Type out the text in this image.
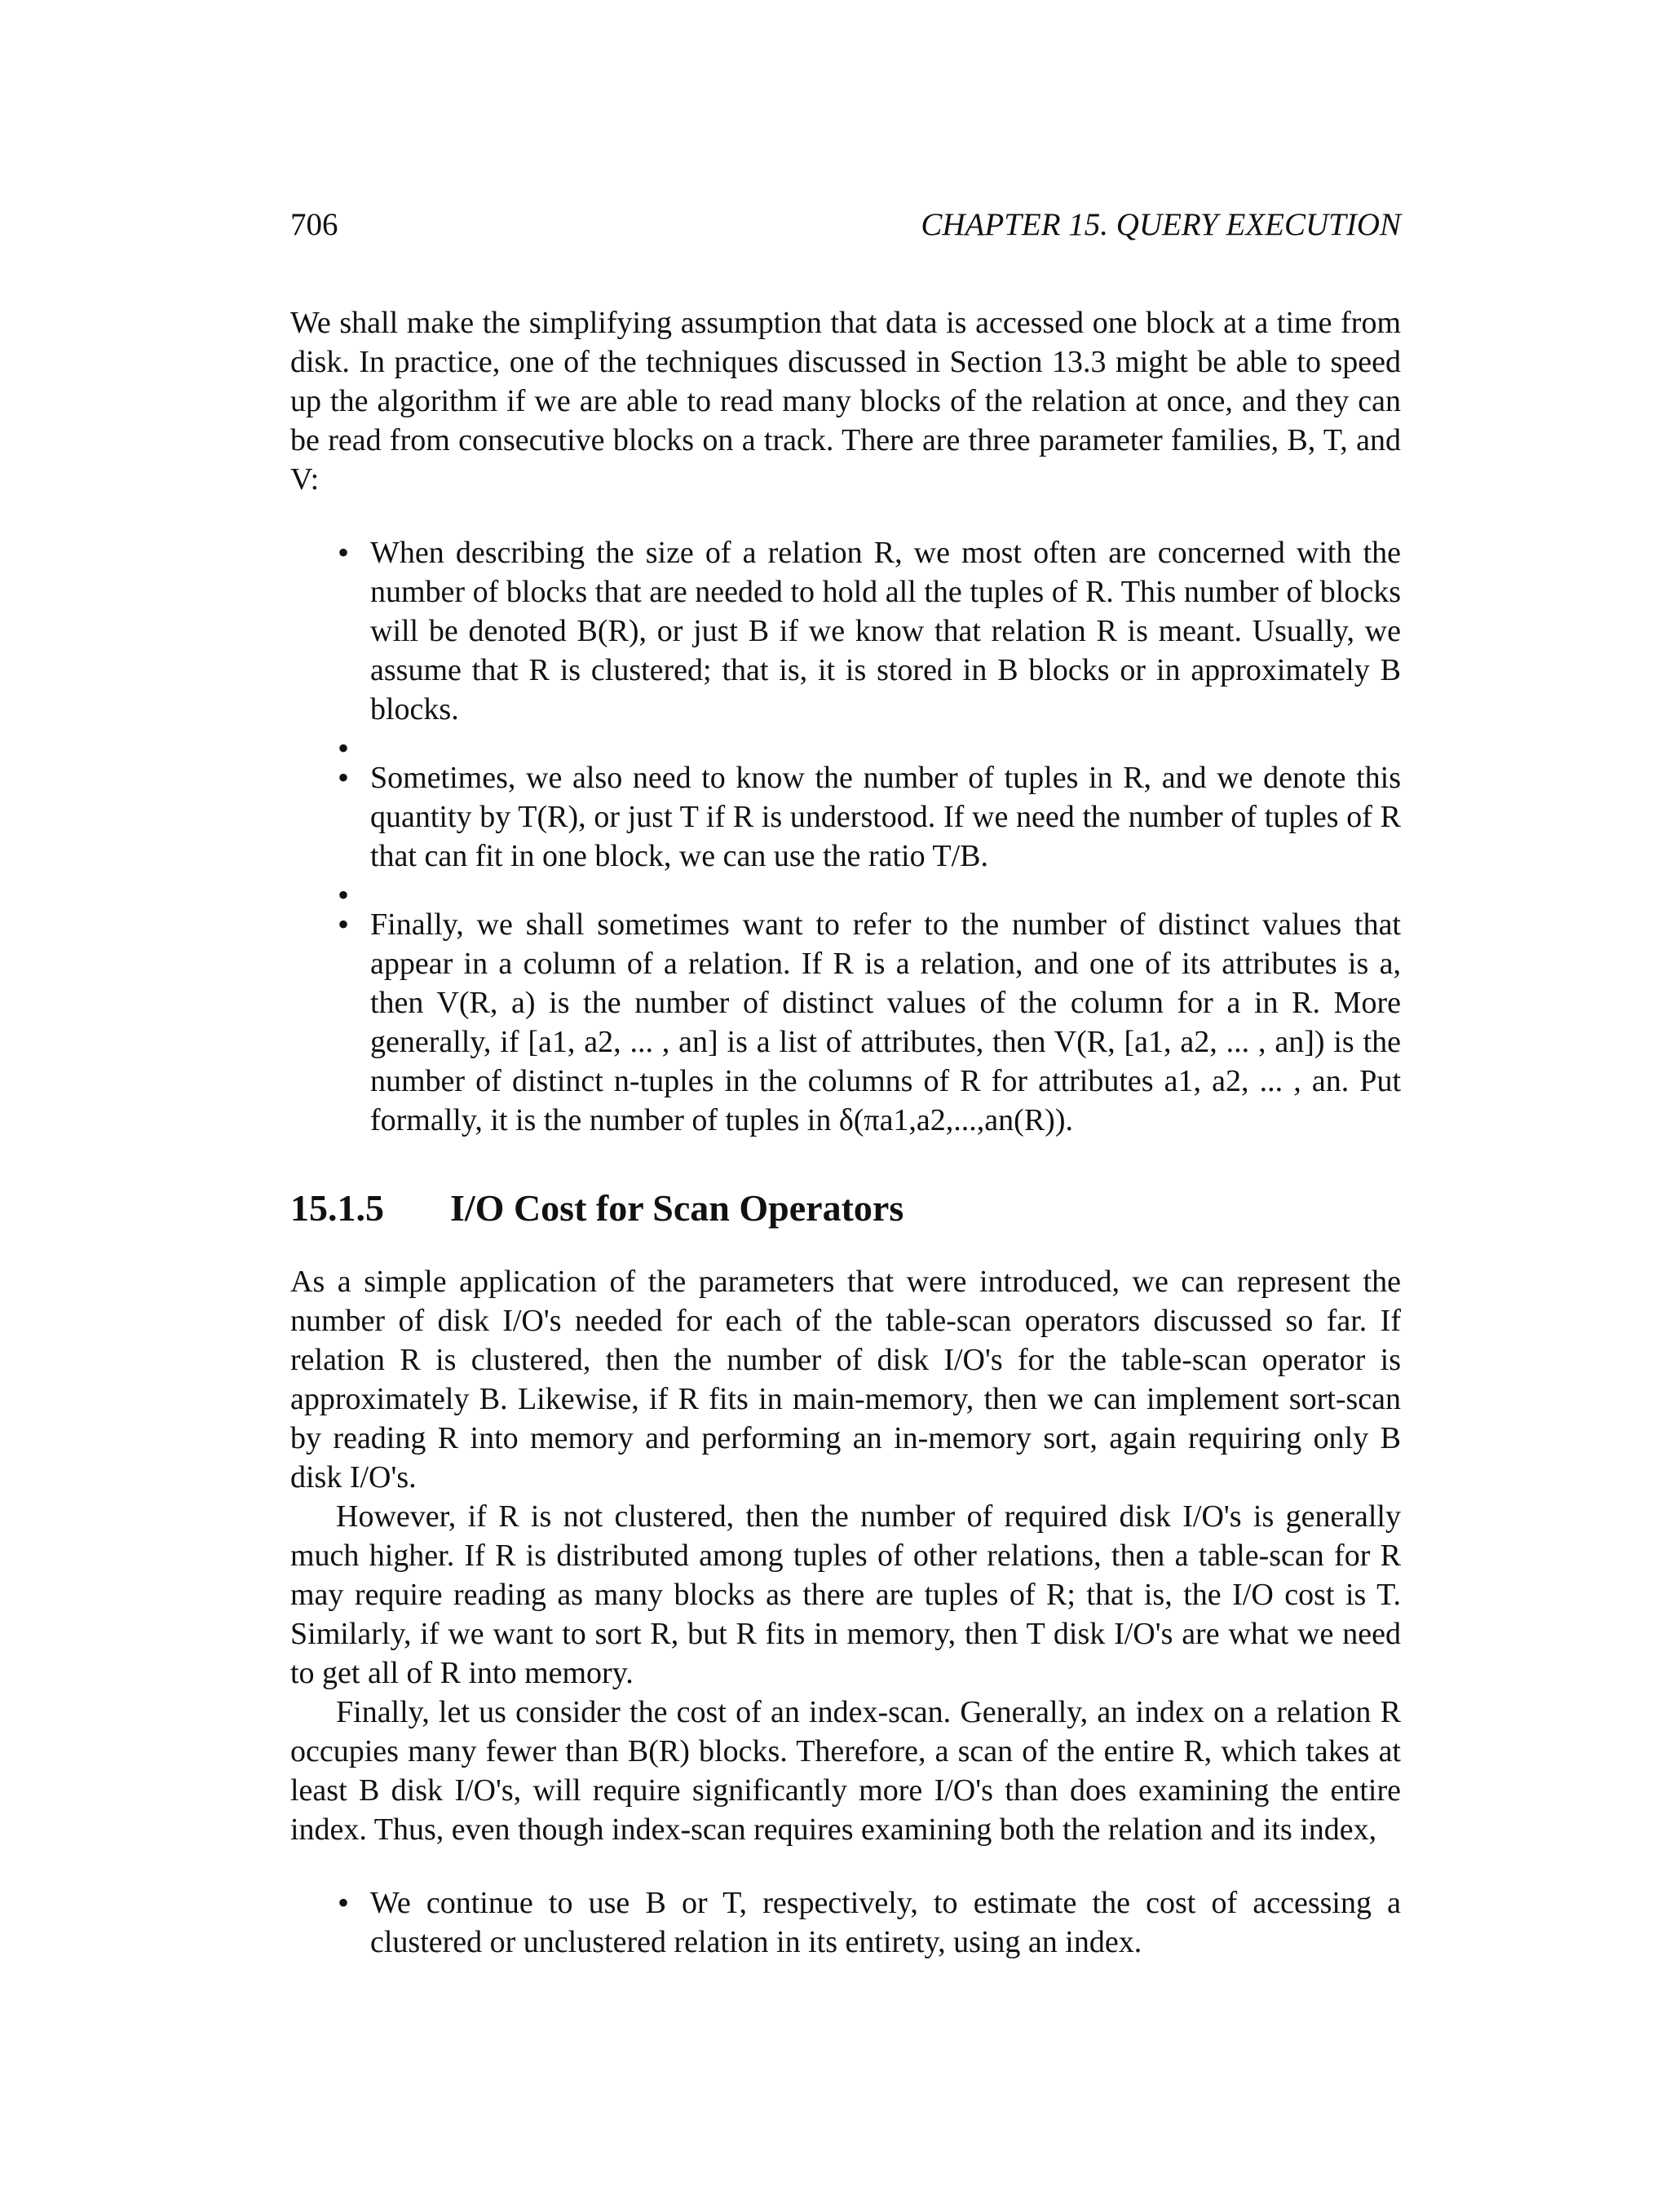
706	CHAPTER 15. QUERY EXECUTION

We shall make the simplifying assumption that data is accessed one block at a time from disk. In practice, one of the techniques discussed in Section 13.3 might be able to speed up the algorithm if we are able to read many blocks of the relation at once, and they can be read from consecutive blocks on a track. There are three parameter families, B, T, and V:

• When describing the size of a relation R, we most often are concerned with the number of blocks that are needed to hold all the tuples of R. This number of blocks will be denoted B(R), or just B if we know that relation R is meant. Usually, we assume that R is clustered; that is, it is stored in B blocks or in approximately B blocks.
•
• Sometimes, we also need to know the number of tuples in R, and we denote this quantity by T(R), or just T if R is understood. If we need the number of tuples of R that can fit in one block, we can use the ratio T/B.
•
• Finally, we shall sometimes want to refer to the number of distinct values that appear in a column of a relation. If R is a relation, and one of its attributes is a, then V(R, a) is the number of distinct values of the column for a in R. More generally, if [a1, a2, ... , an] is a list of attributes, then V(R, [a1, a2, ... , an]) is the number of distinct n-tuples in the columns of R for attributes a1, a2, ... , an. Put formally, it is the number of tuples in δ(πa1,a2,...,an(R)).
15.1.5 I/O Cost for Scan Operators

As a simple application of the parameters that were introduced, we can represent the number of disk I/O's needed for each of the table-scan operators discussed so far. If relation R is clustered, then the number of disk I/O's for the table-scan operator is approximately B. Likewise, if R fits in main-memory, then we can implement sort-scan by reading R into memory and performing an in-memory sort, again requiring only B disk I/O's.

However, if R is not clustered, then the number of required disk I/O's is generally much higher. If R is distributed among tuples of other relations, then a table-scan for R may require reading as many blocks as there are tuples of R; that is, the I/O cost is T. Similarly, if we want to sort R, but R fits in memory, then T disk I/O's are what we need to get all of R into memory.

Finally, let us consider the cost of an index-scan. Generally, an index on a relation R occupies many fewer than B(R) blocks. Therefore, a scan of the entire R, which takes at least B disk I/O's, will require significantly more I/O's than does examining the entire index. Thus, even though index-scan requires examining both the relation and its index,

• We continue to use B or T, respectively, to estimate the cost of accessing a clustered or unclustered relation in its entirety, using an index.
